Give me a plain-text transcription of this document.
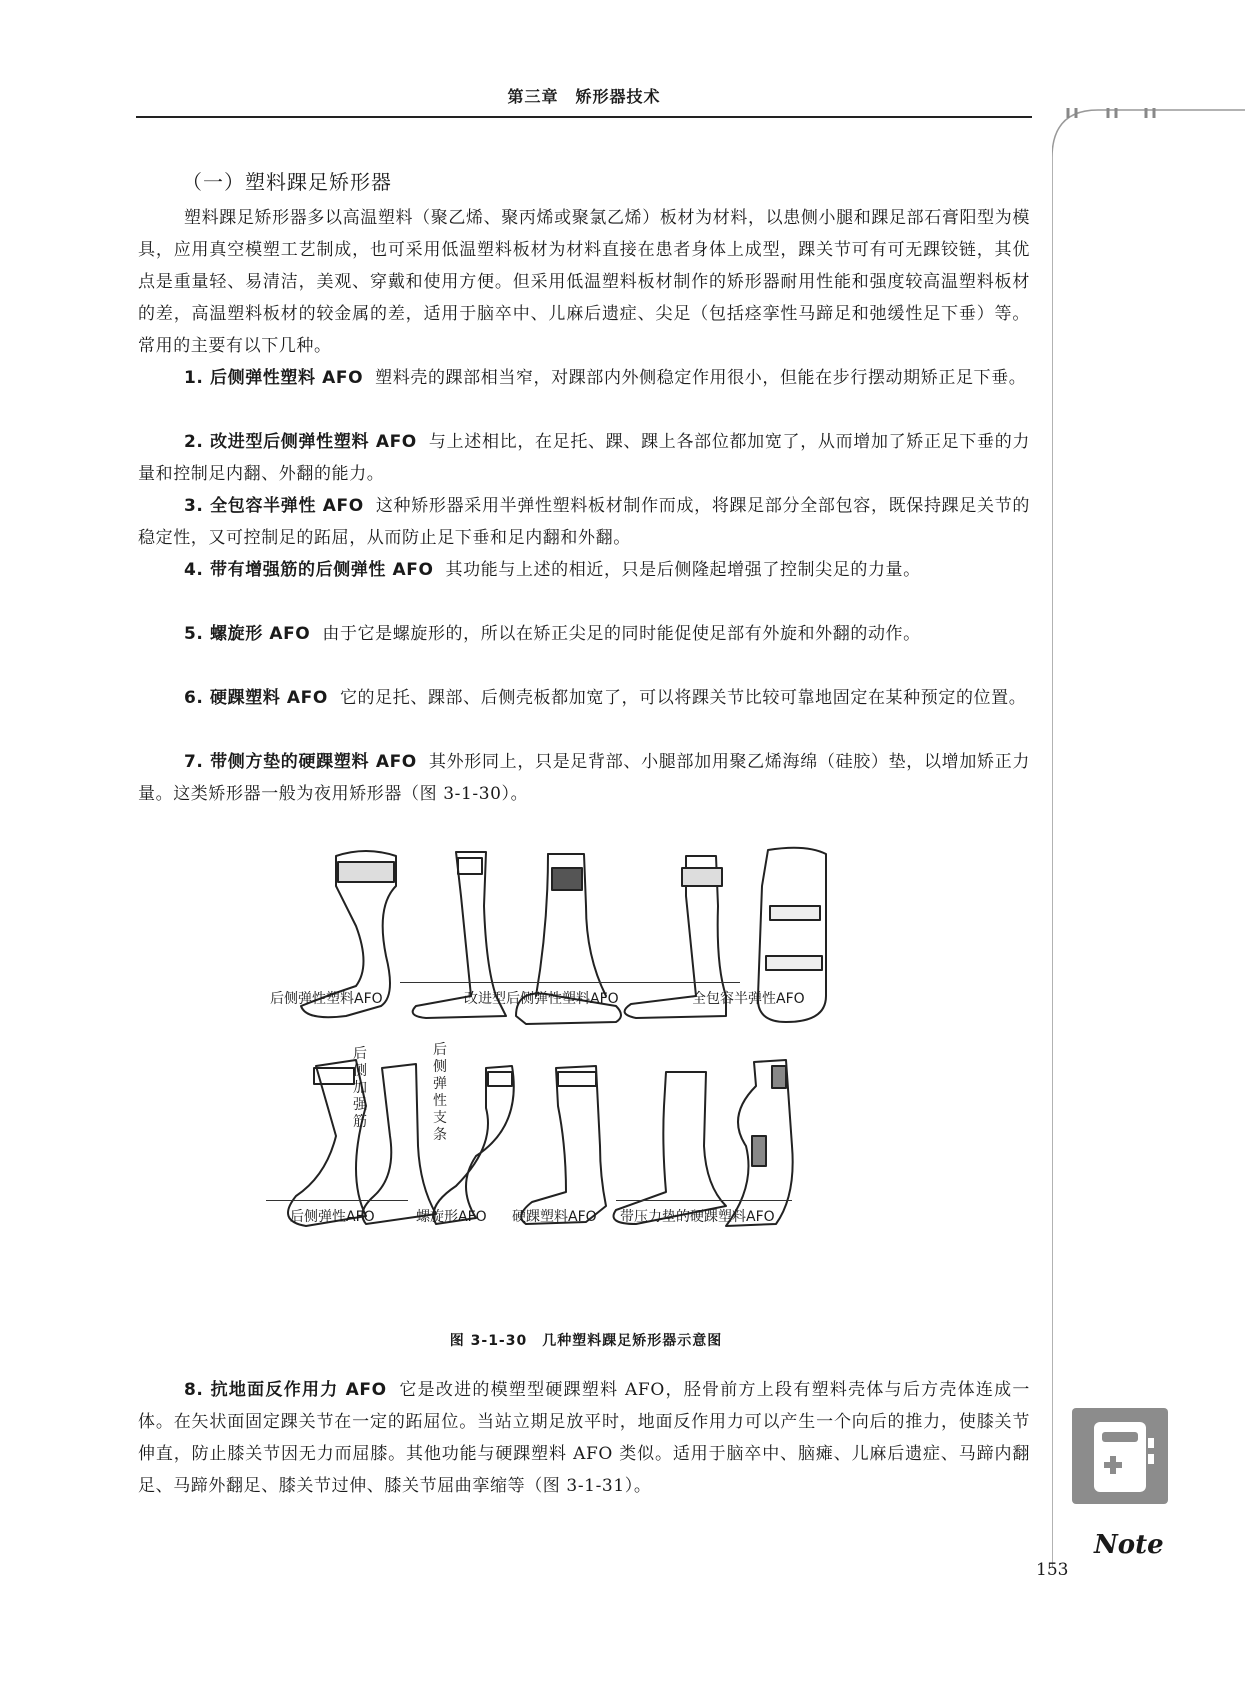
第三章　矫形器技术
（一）塑料踝足矫形器
塑料踝足矫形器多以高温塑料（聚乙烯、聚丙烯或聚氯乙烯）板材为材料，以患侧小腿和踝足部石膏阳型为模具，应用真空模塑工艺制成，也可采用低温塑料板材为材料直接在患者身体上成型，踝关节可有可无踝铰链，其优点是重量轻、易清洁，美观、穿戴和使用方便。但采用低温塑料板材制作的矫形器耐用性能和强度较高温塑料板材的差，高温塑料板材的较金属的差，适用于脑卒中、儿麻后遗症、尖足（包括痉挛性马蹄足和弛缓性足下垂）等。常用的主要有以下几种。
1. 后侧弹性塑料 AFO 塑料壳的踝部相当窄，对踝部内外侧稳定作用很小，但能在步行摆动期矫正足下垂。
2. 改进型后侧弹性塑料 AFO 与上述相比，在足托、踝、踝上各部位都加宽了，从而增加了矫正足下垂的力量和控制足内翻、外翻的能力。
3. 全包容半弹性 AFO 这种矫形器采用半弹性塑料板材制作而成，将踝足部分全部包容，既保持踝足关节的稳定性，又可控制足的跖屈，从而防止足下垂和足内翻和外翻。
4. 带有增强筋的后侧弹性 AFO 其功能与上述的相近，只是后侧隆起增强了控制尖足的力量。
5. 螺旋形 AFO 由于它是螺旋形的，所以在矫正尖足的同时能促使足部有外旋和外翻的动作。
6. 硬踝塑料 AFO 它的足托、踝部、后侧壳板都加宽了，可以将踝关节比较可靠地固定在某种预定的位置。
7. 带侧方垫的硬踝塑料 AFO 其外形同上，只是足背部、小腿部加用聚乙烯海绵（硅胶）垫，以增加矫正力量。这类矫形器一般为夜用矫形器（图 3-1-30）。
后侧弹性塑料AFO	改进型后侧弹性塑料AFO	全包容半弹性AFO
后侧加强筋
后侧弹性支条
后侧弹性AFO	螺旋形AFO 硬踝塑料AFO 带压力垫的硬踝塑料AFO
图 3-1-30　几种塑料踝足矫形器示意图
8. 抗地面反作用力 AFO 它是改进的模塑型硬踝塑料 AFO，胫骨前方上段有塑料壳体与后方壳体连成一体。在矢状面固定踝关节在一定的跖屈位。当站立期足放平时，地面反作用力可以产生一个向后的推力，使膝关节伸直，防止膝关节因无力而屈膝。其他功能与硬踝塑料 AFO 类似。适用于脑卒中、脑瘫、儿麻后遗症、马蹄内翻足、马蹄外翻足、膝关节过伸、膝关节屈曲挛缩等（图 3-1-31）。
Note
153
